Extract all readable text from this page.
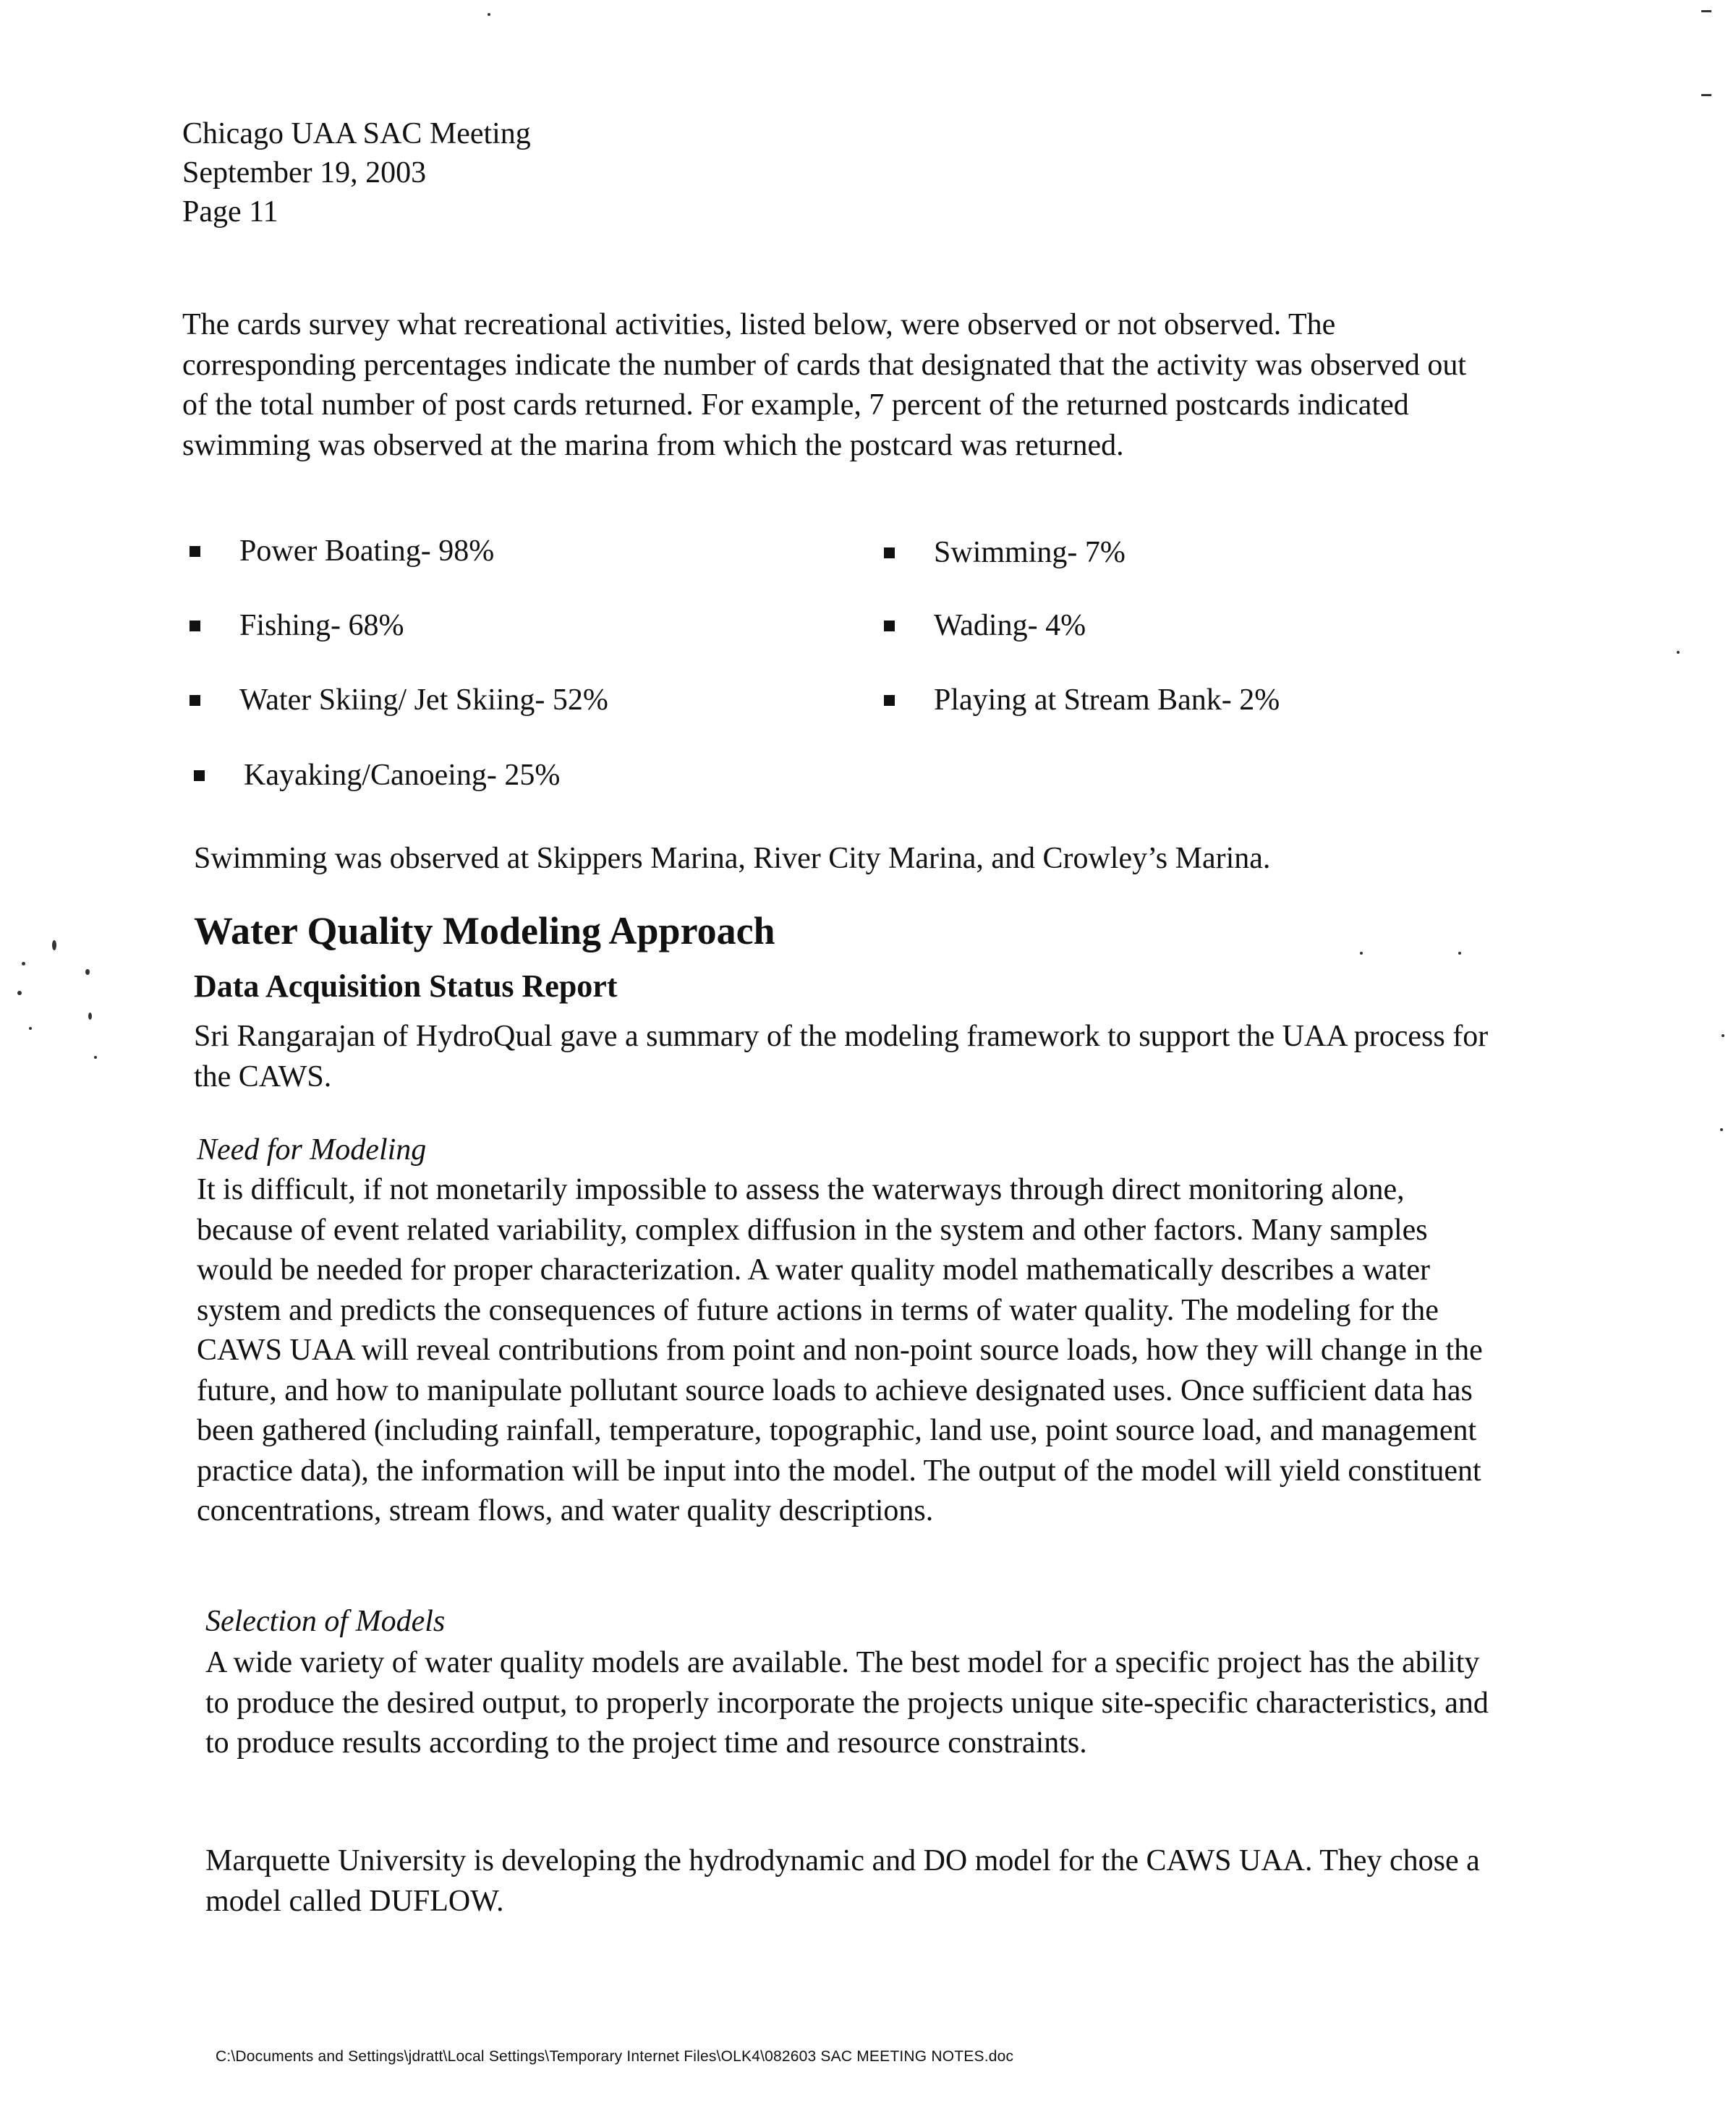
Chicago UAA SAC Meeting
September 19, 2003
Page 11
The cards survey what recreational activities, listed below, were observed or not observed. The corresponding percentages indicate the number of cards that designated that the activity was observed out of the total number of post cards returned. For example, 7 percent of the returned postcards indicated swimming was observed at the marina from which the postcard was returned.
Power Boating- 98%
Fishing- 68%
Water Skiing/ Jet Skiing- 52%
Kayaking/Canoeing- 25%
Swimming- 7%
Wading- 4%
Playing at Stream Bank- 2%
Swimming was observed at Skippers Marina, River City Marina, and Crowley’s Marina.
Water Quality Modeling Approach
Data Acquisition Status Report
Sri Rangarajan of HydroQual gave a summary of the modeling framework to support the UAA process for the CAWS.
Need for Modeling
It is difficult, if not monetarily impossible to assess the waterways through direct monitoring alone, because of event related variability, complex diffusion in the system and other factors. Many samples would be needed for proper characterization. A water quality model mathematically describes a water system and predicts the consequences of future actions in terms of water quality. The modeling for the CAWS UAA will reveal contributions from point and non-point source loads, how they will change in the future, and how to manipulate pollutant source loads to achieve designated uses. Once sufficient data has been gathered (including rainfall, temperature, topographic, land use, point source load, and management practice data), the information will be input into the model. The output of the model will yield constituent concentrations, stream flows, and water quality descriptions.
Selection of Models
A wide variety of water quality models are available. The best model for a specific project has the ability to produce the desired output, to properly incorporate the projects unique site-specific characteristics, and to produce results according to the project time and resource constraints.
Marquette University is developing the hydrodynamic and DO model for the CAWS UAA. They chose a model called DUFLOW.
C:\Documents and Settings\jdratt\Local Settings\Temporary Internet Files\OLK4\082603 SAC MEETING NOTES.doc
